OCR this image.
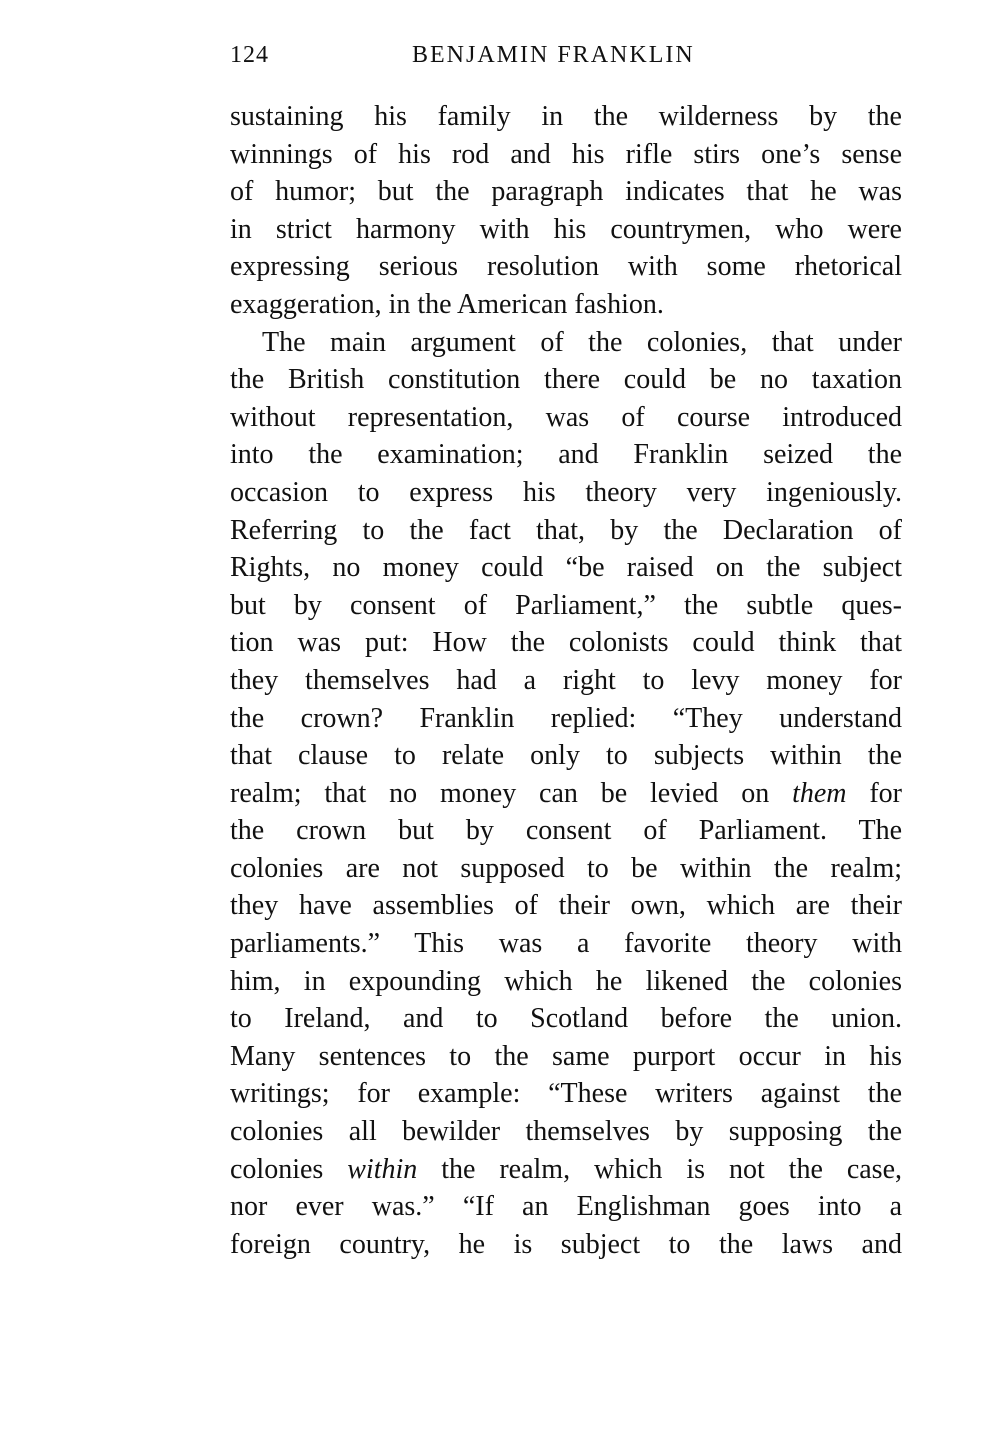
124	BENJAMIN FRANKLIN
sustaining his family in the wilderness by the
winnings of his rod and his rifle stirs one’s sense
of humor; but the paragraph indicates that he was
in strict harmony with his countrymen, who were
expressing serious resolution with some rhetorical
exaggeration, in the American fashion.
The main argument of the colonies, that under
the British constitution there could be no taxation
without representation, was of course introduced
into the examination; and Franklin seized the
occasion to express his theory very ingeniously.
Referring to the fact that, by the Declaration of
Rights, no money could “be raised on the subject
but by consent of Parliament,” the subtle ques-
tion was put: How the colonists could think that
they themselves had a right to levy money for
the crown? Franklin replied: “They understand
that clause to relate only to subjects within the
realm; that no money can be levied on them for
the crown but by consent of Parliament. The
colonies are not supposed to be within the realm;
they have assemblies of their own, which are their
parliaments.” This was a favorite theory with
him, in expounding which he likened the colonies
to Ireland, and to Scotland before the union.
Many sentences to the same purport occur in his
writings; for example: “These writers against the
colonies all bewilder themselves by supposing the
colonies within the realm, which is not the case,
nor ever was.” “If an Englishman goes into a
foreign country, he is subject to the laws and
